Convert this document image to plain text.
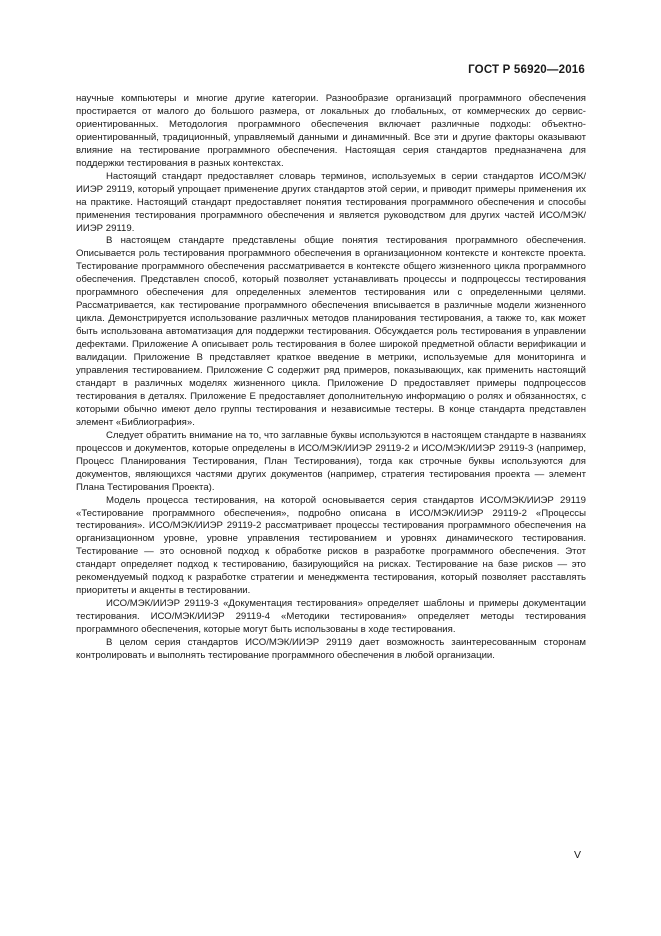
ГОСТ Р 56920—2016

научные компьютеры и многие другие категории. Разнообразие организаций программного обеспечения простирается от малого до большого размера, от локальных до глобальных, от коммерческих до сервис-ориентированных. Методология программного обеспечения включает различные подходы: объектно-ориентированный, традиционный, управляемый данными и динамичный. Все эти и другие факторы оказывают влияние на тестирование программного обеспечения. Настоящая серия стандартов предназначена для поддержки тестирования в разных контекстах.

Настоящий стандарт предоставляет словарь терминов, используемых в серии стандартов ИСО/МЭК/ИИЭР 29119, который упрощает применение других стандартов этой серии, и приводит примеры применения их на практике. Настоящий стандарт предоставляет понятия тестирования программного обеспечения и способы применения тестирования программного обеспечения и является руководством для других частей ИСО/МЭК/ИИЭР 29119.

В настоящем стандарте представлены общие понятия тестирования программного обеспечения. Описывается роль тестирования программного обеспечения в организационном контексте и контексте проекта. Тестирование программного обеспечения рассматривается в контексте общего жизненного цикла программного обеспечения. Представлен способ, который позволяет устанавливать процессы и подпроцессы тестирования программного обеспечения для определенных элементов тестирования или с определенными целями. Рассматривается, как тестирование программного обеспечения вписывается в различные модели жизненного цикла. Демонстрируется использование различных методов планирования тестирования, а также то, как может быть использована автоматизация для поддержки тестирования. Обсуждается роль тестирования в управлении дефектами. Приложение А описывает роль тестирования в более широкой предметной области верификации и валидации. Приложение В представляет краткое введение в метрики, используемые для мониторинга и управления тестированием. Приложение С содержит ряд примеров, показывающих, как применить настоящий стандарт в различных моделях жизненного цикла. Приложение D предоставляет примеры подпроцессов тестирования в деталях. Приложение Е предоставляет дополнительную информацию о ролях и обязанностях, с которыми обычно имеют дело группы тестирования и независимые тестеры. В конце стандарта представлен элемент «Библиография».

Следует обратить внимание на то, что заглавные буквы используются в настоящем стандарте в названиях процессов и документов, которые определены в ИСО/МЭК/ИИЭР 29119-2 и ИСО/МЭК/ИИЭР 29119-3 (например, Процесс Планирования Тестирования, План Тестирования), тогда как строчные буквы используются для документов, являющихся частями других документов (например, стратегия тестирования проекта — элемент Плана Тестирования Проекта).

Модель процесса тестирования, на которой основывается серия стандартов ИСО/МЭК/ИИЭР 29119 «Тестирование программного обеспечения», подробно описана в ИСО/МЭК/ИИЭР 29119-2 «Процессы тестирования». ИСО/МЭК/ИИЭР 29119-2 рассматривает процессы тестирования программного обеспечения на организационном уровне, уровне управления тестированием и уровнях динамического тестирования. Тестирование — это основной подход к обработке рисков в разработке программного обеспечения. Этот стандарт определяет подход к тестированию, базирующийся на рисках. Тестирование на базе рисков — это рекомендуемый подход к разработке стратегии и менеджмента тестирования, который позволяет расставлять приоритеты и акценты в тестировании.

ИСО/МЭК/ИИЭР 29119-3 «Документация тестирования» определяет шаблоны и примеры документации тестирования. ИСО/МЭК/ИИЭР 29119-4 «Методики тестирования» определяет методы тестирования программного обеспечения, которые могут быть использованы в ходе тестирования.

В целом серия стандартов ИСО/МЭК/ИИЭР 29119 дает возможность заинтересованным сторонам контролировать и выполнять тестирование программного обеспечения в любой организации.

V
